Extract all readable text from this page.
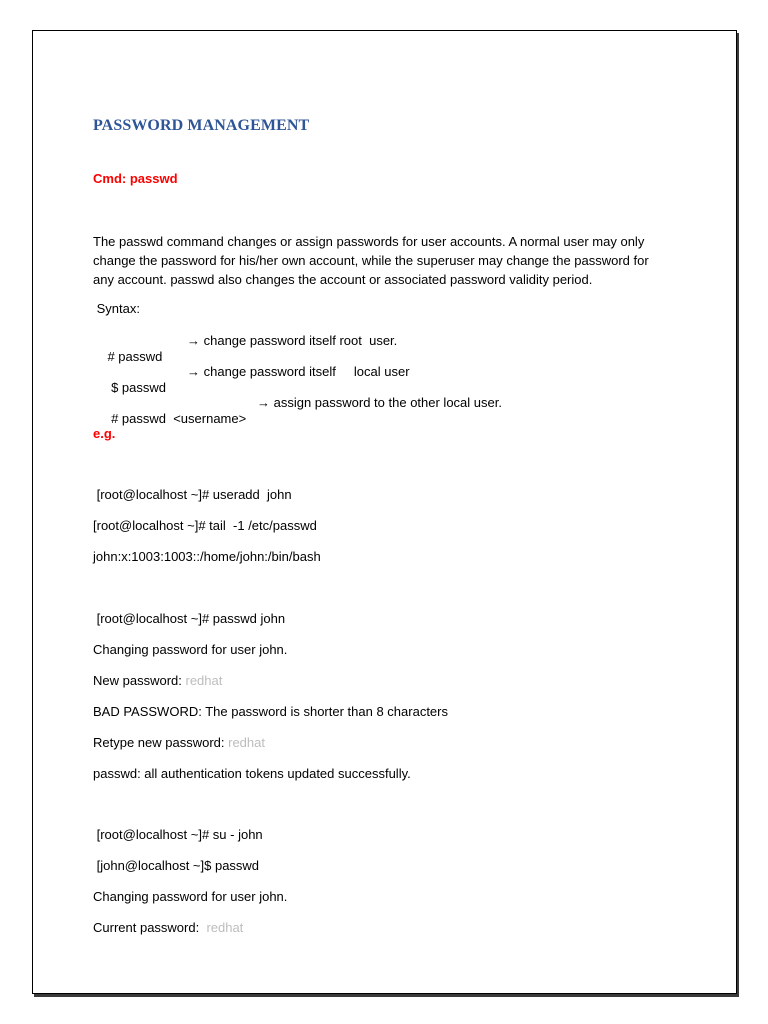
PASSWORD MANAGEMENT
Cmd: passwd
The passwd command changes or assign passwords for user accounts. A normal user may only change the password for his/her own account, while the superuser may change the password for any account. passwd also changes the account or associated password validity period.
Syntax:

# passwd

→ change password itself root  user.

$ passwd

→ change password itself     local user

# passwd  <username>

→ assign password to the other local user.
e.g.
[root@localhost ~]# useradd  john
[root@localhost ~]# tail  -1 /etc/passwd
john:x:1003:1003::/home/john:/bin/bash
[root@localhost ~]# passwd john
Changing password for user john.
New password: redhat
BAD PASSWORD: The password is shorter than 8 characters
Retype new password: redhat
passwd: all authentication tokens updated successfully.
[root@localhost ~]# su - john
[john@localhost ~]$ passwd
Changing password for user john.
Current password:  redhat
